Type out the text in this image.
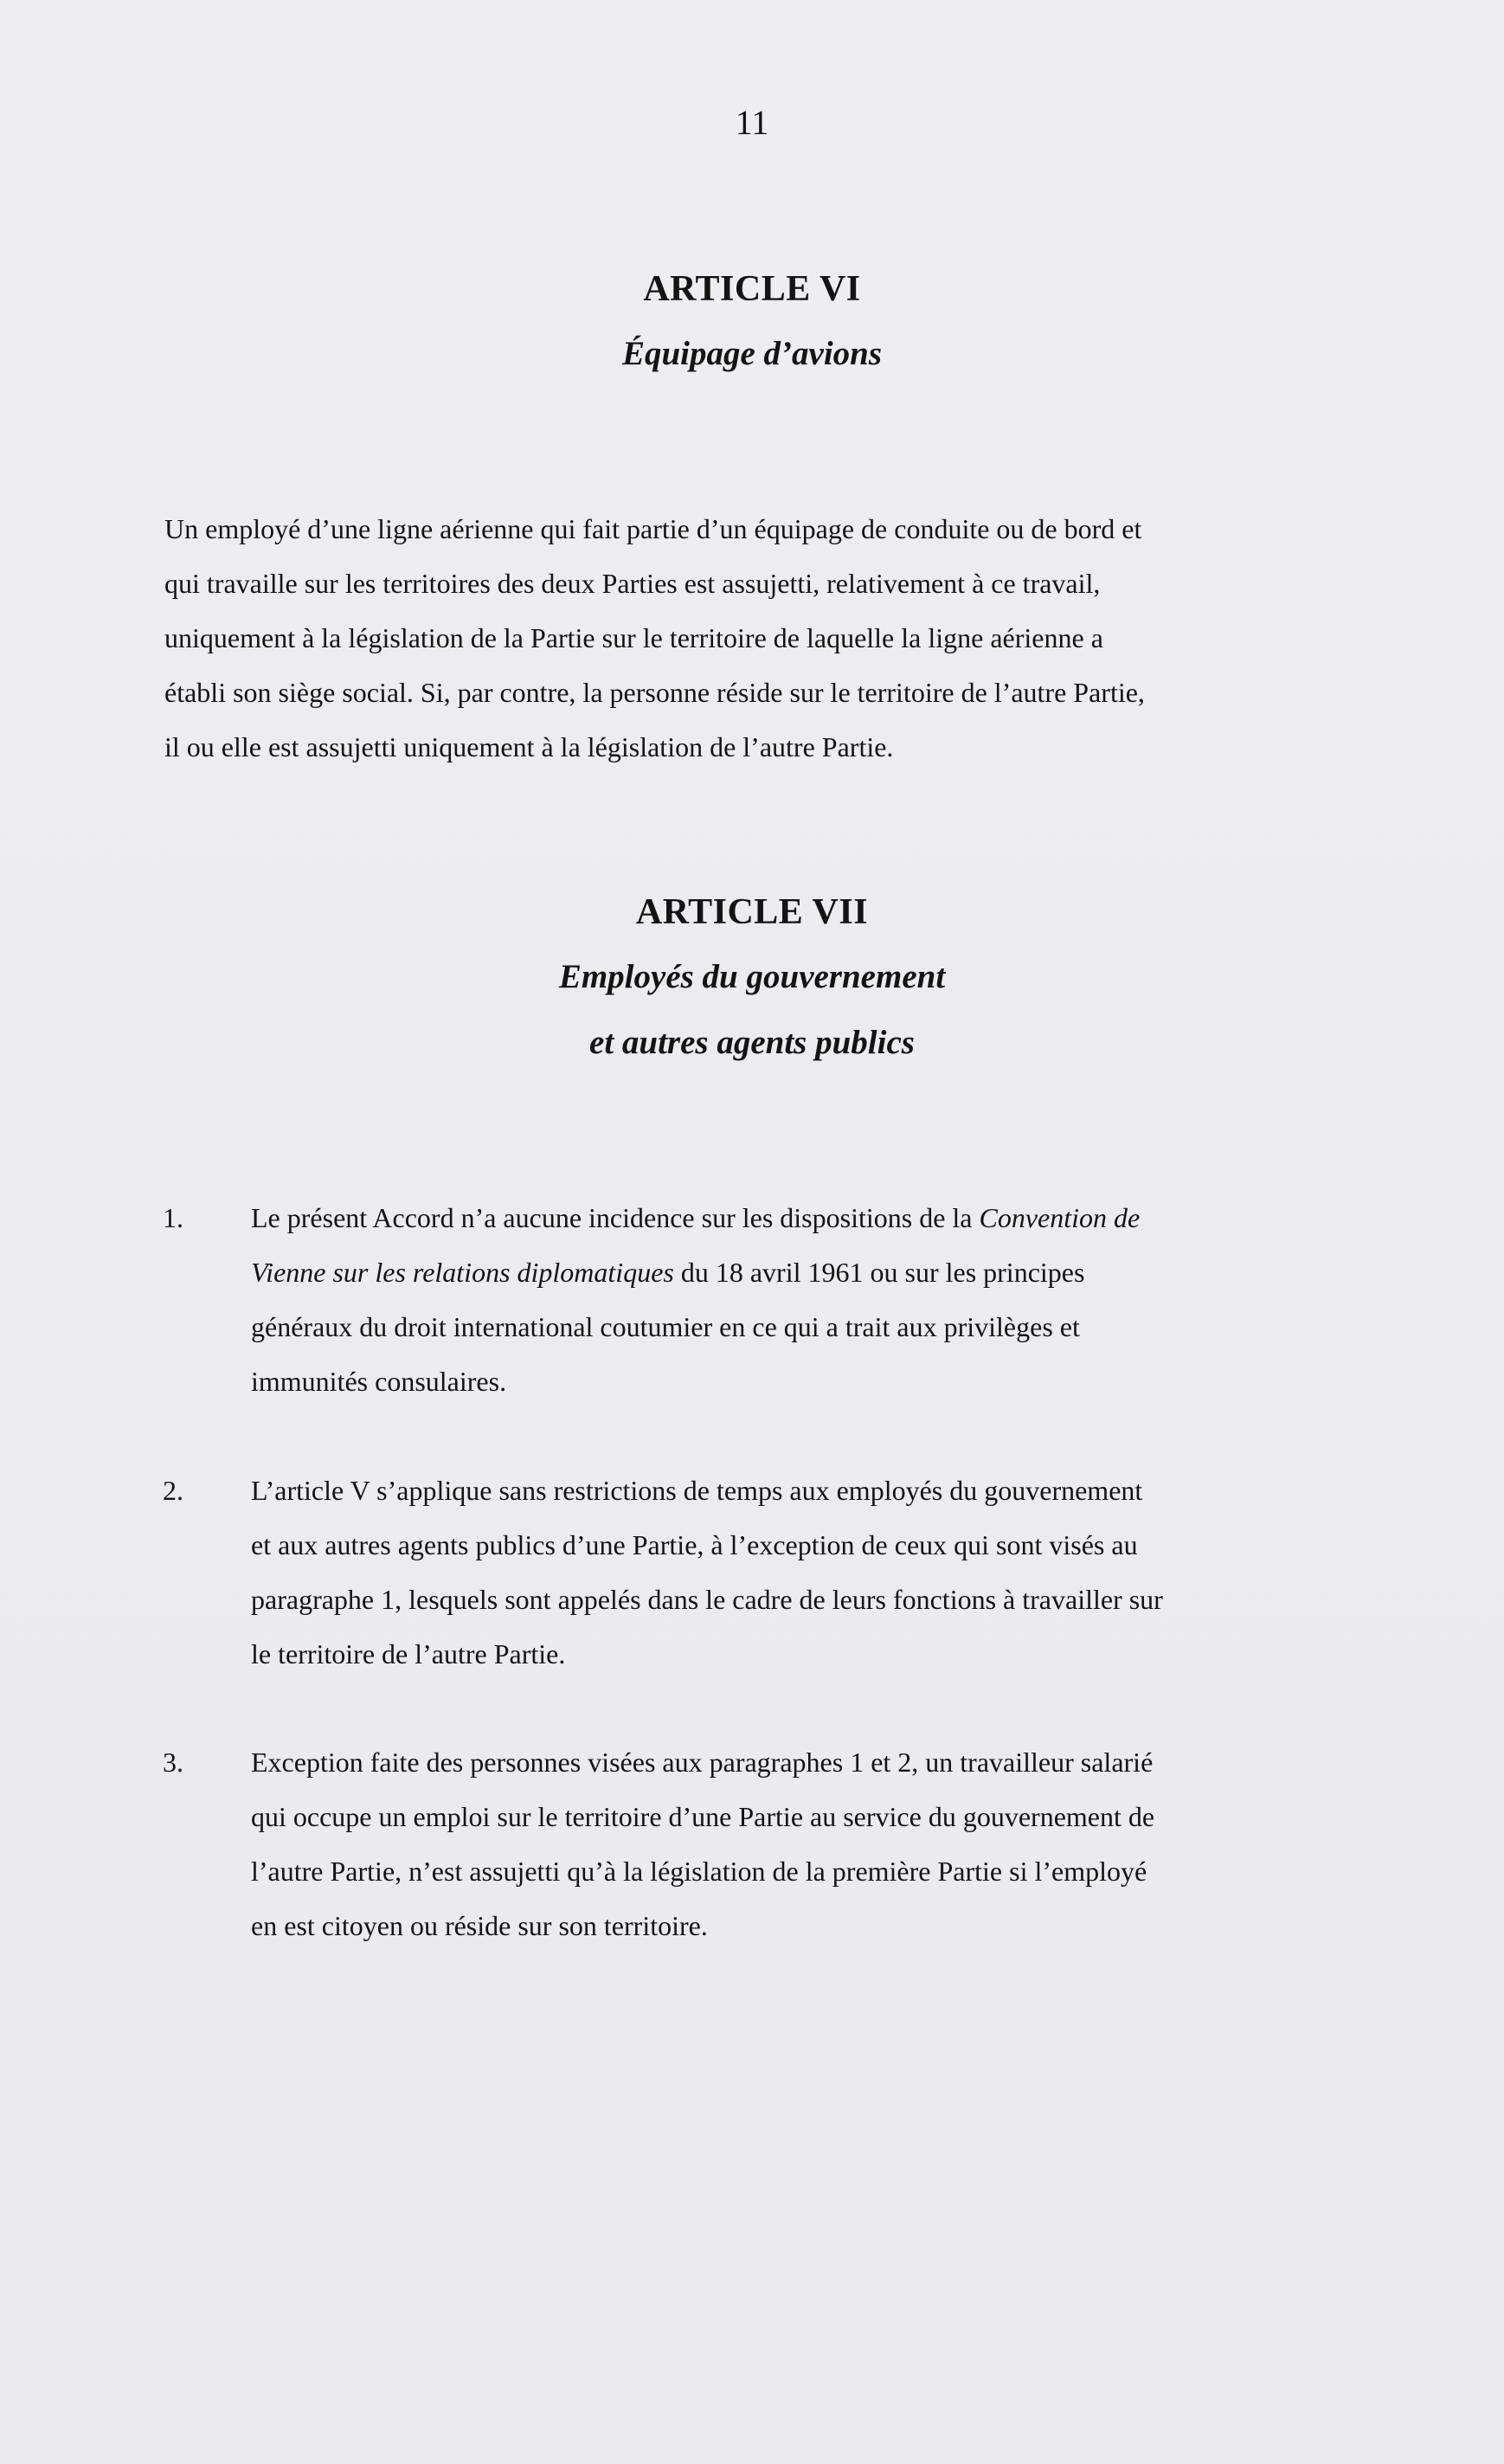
11
ARTICLE VI
Équipage d’avions
Un employé d’une ligne aérienne qui fait partie d’un équipage de conduite ou de bord et
qui travaille sur les territoires des deux Parties est assujetti, relativement à ce travail,
uniquement à la législation de la Partie sur le territoire de laquelle la ligne aérienne a
établi son siège social. Si, par contre, la personne réside sur le territoire de l’autre Partie,
il ou elle est assujetti uniquement à la législation de l’autre Partie.
ARTICLE VII
Employés du gouvernement
et autres agents publics
1. Le présent Accord n’a aucune incidence sur les dispositions de la Convention de
Vienne sur les relations diplomatiques du 18 avril 1961 ou sur les principes
généraux du droit international coutumier en ce qui a trait aux privilèges et
immunités consulaires.
2. L’article V s’applique sans restrictions de temps aux employés du gouvernement
et aux autres agents publics d’une Partie, à l’exception de ceux qui sont visés au
paragraphe 1, lesquels sont appelés dans le cadre de leurs fonctions à travailler sur
le territoire de l’autre Partie.
3. Exception faite des personnes visées aux paragraphes 1 et 2, un travailleur salarié
qui occupe un emploi sur le territoire d’une Partie au service du gouvernement de
l’autre Partie, n’est assujetti qu’à la législation de la première Partie si l’employé
en est citoyen ou réside sur son territoire.
